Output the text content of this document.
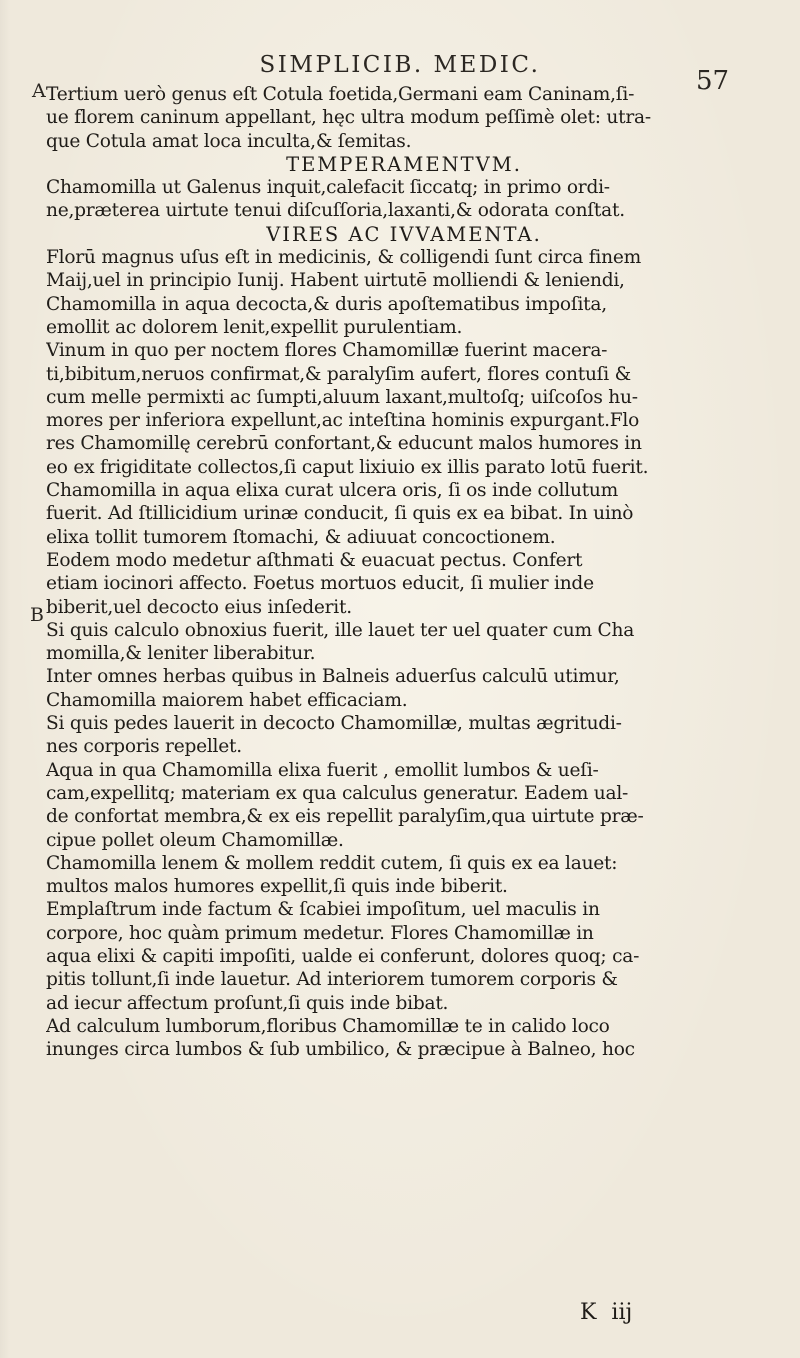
SIMPLICIB. MEDIC.
57
A
B
Tertium uerò genus eſt Cotula foetida,Germani eam Caninam,ſi-
ue florem caninum appellant, hęc ultra modum peſſimè olet: utra-
que Cotula amat loca inculta,& ſemitas.
TEMPERAMENTVM.
Chamomilla ut Galenus inquit,calefacit ſiccatq; in primo ordi-
ne,præterea uirtute tenui diſcuſſoria,laxanti,& odorata conſtat.
VIRES AC IVVAMENTA.
Florū magnus uſus eſt in medicinis, & colligendi ſunt circa finem
Maij,uel in principio Iunij. Habent uirtutē molliendi & leniendi,
Chamomilla in aqua decocta,& duris apoſtematibus impoſita,
emollit ac dolorem lenit,expellit purulentiam.
Vinum in quo per noctem flores Chamomillæ fuerint macera-
ti,bibitum,neruos confirmat,& paralyſim aufert, flores contuſi &
cum melle permixti ac ſumpti,aluum laxant,multoſq; uiſcoſos hu-
mores per inferiora expellunt,ac inteſtina hominis expurgant.Flo
res Chamomillę cerebrū confortant,& educunt malos humores in
eo ex frigiditate collectos,ſi caput lixiuio ex illis parato lotū fuerit.
Chamomilla in aqua elixa curat ulcera oris, ſi os inde collutum
fuerit. Ad ſtillicidium urinæ conducit, ſi quis ex ea bibat. In uinò
elixa tollit tumorem ſtomachi, & adiuuat concoctionem.
Eodem modo medetur aſthmati & euacuat pectus. Confert
etiam iocinori affecto. Foetus mortuos educit, ſi mulier inde
biberit,uel decocto eius inſederit.
Si quis calculo obnoxius fuerit, ille lauet ter uel quater cum Cha
momilla,& leniter liberabitur.
Inter omnes herbas quibus in Balneis aduerſus calculū utimur,
Chamomilla maiorem habet efficaciam.
Si quis pedes lauerit in decocto Chamomillæ, multas ægritudi-
nes corporis repellet.
Aqua in qua Chamomilla elixa fuerit , emollit lumbos & ueſi-
cam,expellitq; materiam ex qua calculus generatur. Eadem ual-
de confortat membra,& ex eis repellit paralyſim,qua uirtute præ-
cipue pollet oleum Chamomillæ.
Chamomilla lenem & mollem reddit cutem, ſi quis ex ea lauet:
multos malos humores expellit,ſi quis inde biberit.
Emplaſtrum inde factum & ſcabiei impoſitum, uel maculis in
corpore, hoc quàm primum medetur. Flores Chamomillæ in
aqua elixi & capiti impoſiti, ualde ei conferunt, dolores quoq; ca-
pitis tollunt,ſi inde lauetur. Ad interiorem tumorem corporis &
ad iecur affectum proſunt,ſi quis inde bibat.
Ad calculum lumborum,floribus Chamomillæ te in calido loco
inunges circa lumbos & ſub umbilico, & præcipue à Balneo, hoc
K iij
